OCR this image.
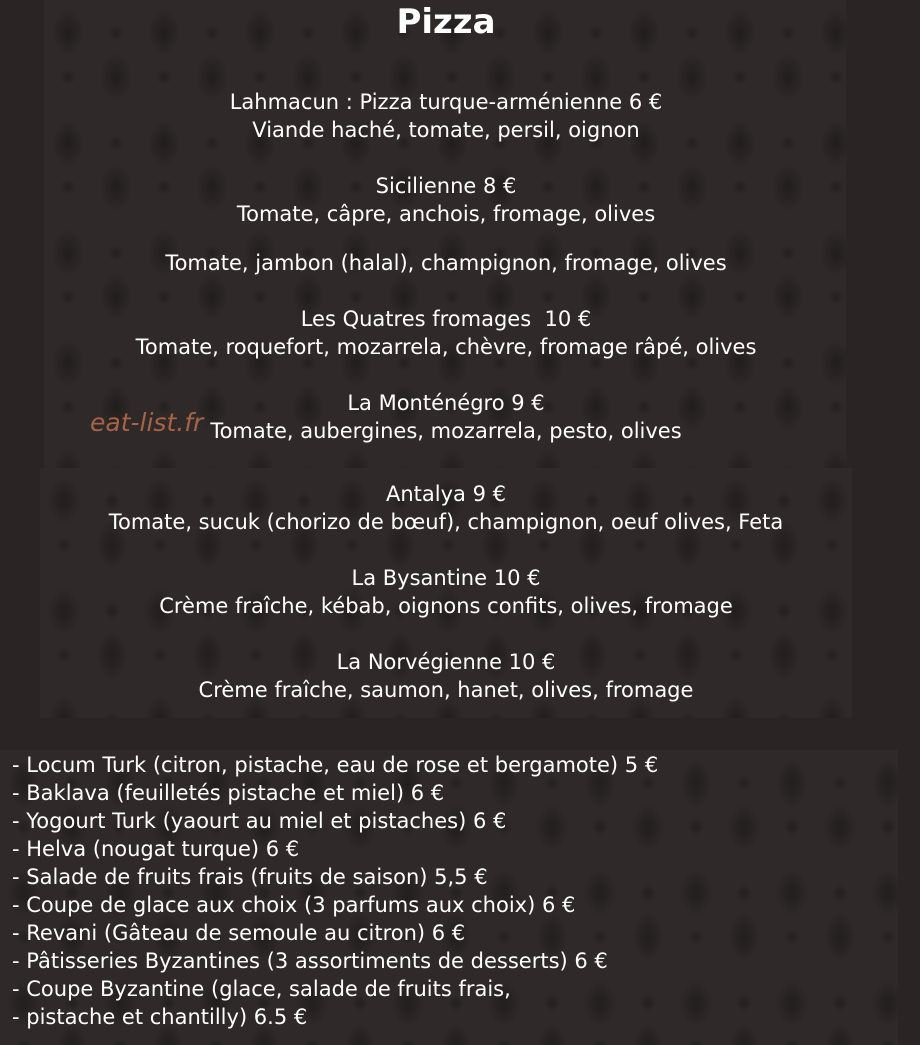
Pizza
Lahmacun : Pizza turque-arménienne 6 €
Viande haché, tomate, persil, oignon
Sicilienne 8 €
Tomate, câpre, anchois, fromage, olives
Tomate, jambon (halal), champignon, fromage, olives
Les Quatres fromages  10 €
Tomate, roquefort, mozarrela, chèvre, fromage râpé, olives
La Monténégro 9 €
Tomate, aubergines, mozarrela, pesto, olives
Antalya 9 €
Tomate, sucuk (chorizo de bœuf), champignon, oeuf olives, Feta
La Bysantine 10 €
Crème fraîche, kébab, oignons confits, olives, fromage
La Norvégienne 10 €
Crème fraîche, saumon, hanet, olives, fromage
eat-list.fr
- Locum Turk (citron, pistache, eau de rose et bergamote) 5 €
- Baklava (feuilletés pistache et miel) 6 €
- Yogourt Turk (yaourt au miel et pistaches) 6 €
- Helva (nougat turque) 6 €
- Salade de fruits frais (fruits de saison) 5,5 €
- Coupe de glace aux choix (3 parfums aux choix) 6 €
- Revani (Gâteau de semoule au citron) 6 €
- Pâtisseries Byzantines (3 assortiments de desserts) 6 €
- Coupe Byzantine (glace, salade de fruits frais,
- pistache et chantilly) 6.5 €
